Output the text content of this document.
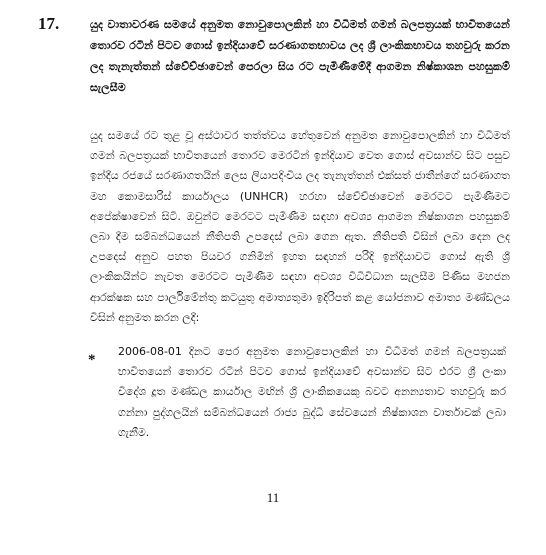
17.	යුද වාතාවරණ සමයේ අනුමත නොවුපොලකින් හා විධිමත් ගමන් බලපත්‍රයක් භාවිතයෙන් තොරව රටින් පිටව ගොස් ඉන්දියාවේ සරණාගතභාවය ලද ශ්‍රී ලාංකිකභාවය තහවුරු කරන ලද තැනැත්තන් ස්වේච්ඡාවෙන් පෙරලා සිය රට පැමිණීමේදී ආගමන නිෂ්කාශන පහසුකම් සැලසීම
යුද සමයේ රට තුළ වූ අස්ථාවර තත්ත්වය හේතුවෙන් අනුමත නොවුපොලකින් හා විධිමත් ගමන් බලපත්‍රයක් භාවිතයෙන් තොරව මෙරටින් ඉන්දියාව වෙත ගොස් අවසාන්ව සිට පසුව ඉන්දීය රජයේ සරණාගතයින් ලෙස ලියාපදිංචිය ලද තැනැත්තන් එක්සත් ජාතීන්ගේ සරණාගත මහ කොමසාරිස් කාර්යාලය (UNHCR) හරහා ස්වේච්ඡාවෙන් මෙරටට පැමිණීමට අපේක්ෂාවෙන් සිටී. ඔවුන්ට මෙරටට පැමිණීම සඳහා අවශ්‍ය ආගමන නිෂ්කාශන පහසුකම් ලබා දීම සම්බන්ධයෙන් නීතිපති උපදෙස් ලබා ගෙන ඇත. නීතිපති විසින් ලබා දෙන ලද උපදෙස් අනුව පහත පියවර ගනිමින් ඉහත සඳහන් පරිදි ඉන්දියාවට ගොස් ඇති ශ්‍රී ලාංකිකයින්ට නැවත මෙරටට පැමිණීම සඳහා අවශ්‍ය විධිවිධාන සැලසීම පිණිස මහජන ආරක්ෂක සහ පාර්ලිමේන්තු කටයුතු අමාත්‍යතුමා ඉදිරිපත් කළ යෝජනාව අමාත්‍ය මණ්ඩලය විසින් අනුමත කරන ලදී:
*
2006-08-01 දිනට පෙර අනුමත නොවුපොලකින් හා විධිමත් ගමන් බලපත්‍රයක් භාවිතයෙන් තොරව රටින් පිටව ගොස් ඉන්දියාවේ අවසාන්ව සිට එරට ශ්‍රී ලංකා විදේශ දූත මණ්ඩල කාර්යාල මඟින් ශ්‍රී ලාංකිකයෙකු බවට අනන්‍යතාව තහවුරු කර ගන්නා පුද්ගලයින් සම්බන්ධයෙන් රාජ්‍ය බුද්ධි සේවයෙන් නිෂ්කාශන වාර්තාවක් ලබා ගැනීම.
11
